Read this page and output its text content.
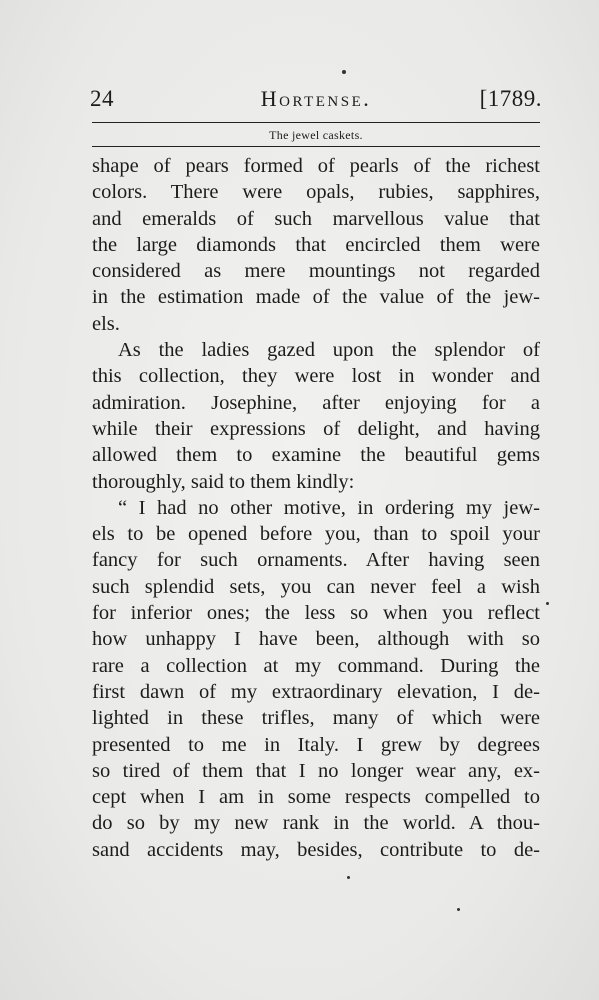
24	Hortense.	[1789.
The jewel caskets.
shape of pears formed of pearls of the richest
colors. There were opals, rubies, sapphires,
and emeralds of such marvellous value that
the large diamonds that encircled them were
considered as mere mountings not regarded
in the estimation made of the value of the jew-
els.
As the ladies gazed upon the splendor of
this collection, they were lost in wonder and
admiration. Josephine, after enjoying for a
while their expressions of delight, and having
allowed them to examine the beautiful gems
thoroughly, said to them kindly:
“ I had no other motive, in ordering my jew-
els to be opened before you, than to spoil your
fancy for such ornaments. After having seen
such splendid sets, you can never feel a wish
for inferior ones; the less so when you reflect
how unhappy I have been, although with so
rare a collection at my command. During the
first dawn of my extraordinary elevation, I de-
lighted in these trifles, many of which were
presented to me in Italy. I grew by degrees
so tired of them that I no longer wear any, ex-
cept when I am in some respects compelled to
do so by my new rank in the world. A thou-
sand accidents may, besides, contribute to de-
